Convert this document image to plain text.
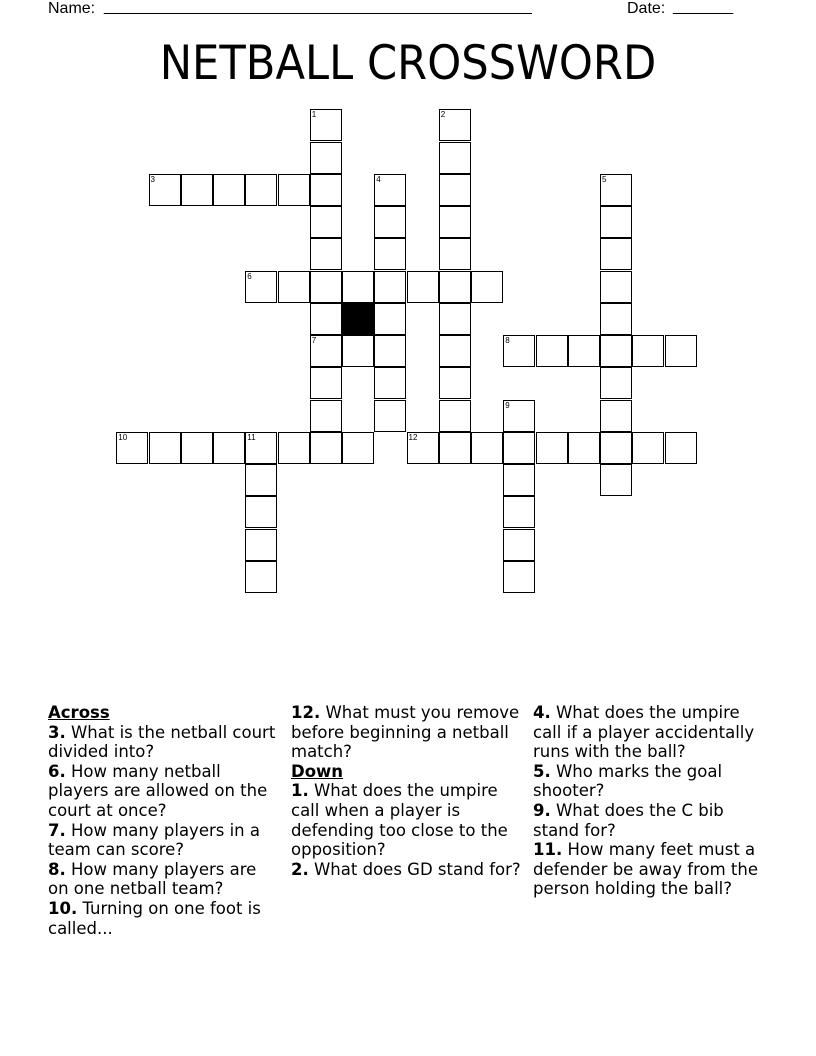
Name: __________________________________________________	Date: _______
NETBALL CROSSWORD
1
7
2
3	4	5
6
8
9
10	11	12
Across
3. What is the netball court divided into?
6. How many netball players are allowed on the court at once?
7. How many players in a team can score?
8. How many players are on one netball team?
10. Turning on one foot is called...
12. What must you remove before beginning a netball match?
Down
1. What does the umpire call when a player is defending too close to the opposition?
2. What does GD stand for?
4. What does the umpire call if a player accidentally runs with the ball?
5. Who marks the goal shooter?
9. What does the C bib stand for?
11. How many feet must a defender be away from the person holding the ball?
